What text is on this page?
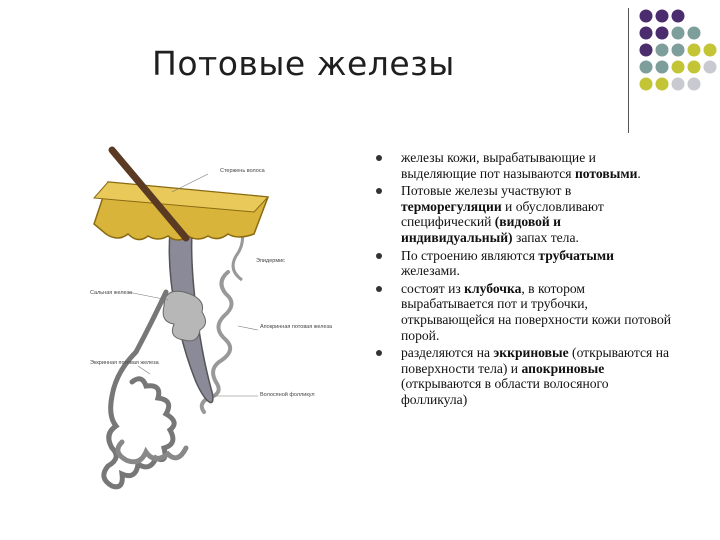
Потовые железы
Стержень волоса
Эпидермис
Сальная железа
Апокринная потовая железа
Эккринная потовая железа
Волосяной фолликул
железы кожи, вырабатывающие и выделяющие пот называются потовыми.
Потовые железы участвуют в терморегуляции и обусловливают специфический (видовой и индивидуальный) запах тела.
По строению являются трубчатыми железами.
состоят из клубочка, в котором вырабатывается пот и трубочки, открывающейся на поверхности кожи потовой порой.
разделяются на эккриновые (открываются на поверхности тела) и апокриновые (открываются в области волосяного фолликула)
